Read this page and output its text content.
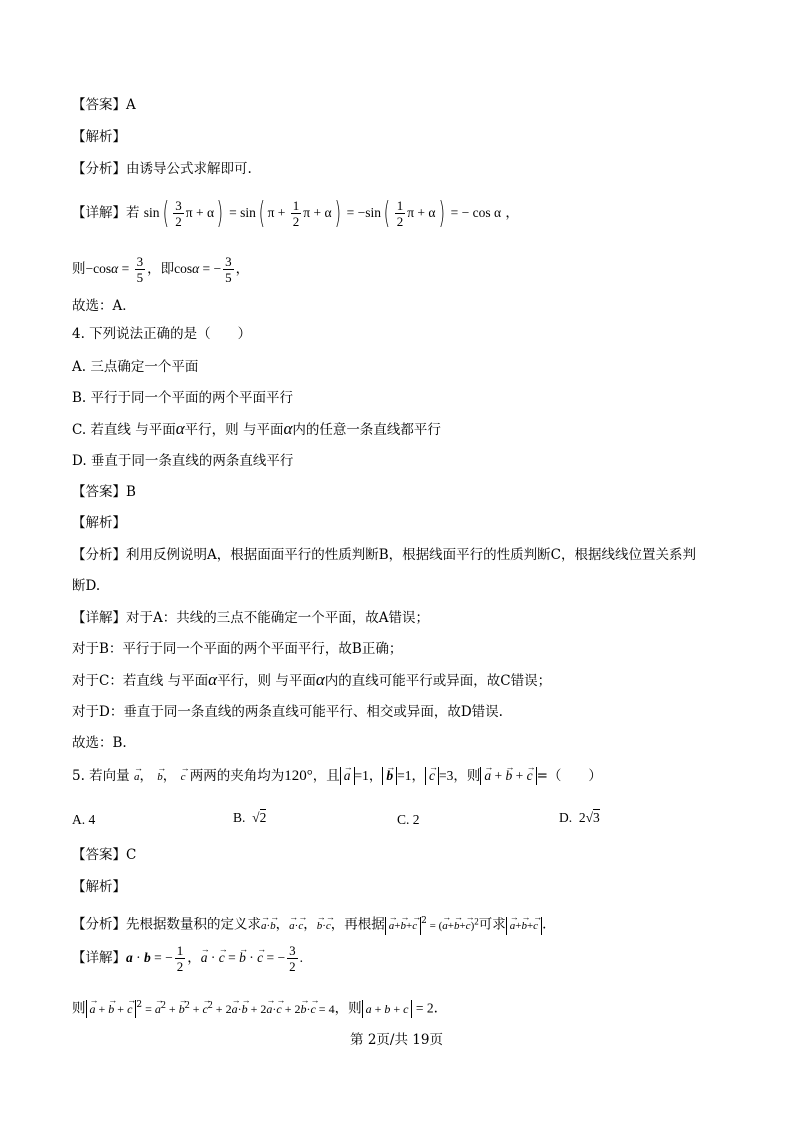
【答案】A
【解析】
【分析】由诱导公式求解即可.
【详解】若 $\sin( \frac{3}{2}$ π + α) = sin( $\pi + \frac{1}{2}$ $\pi + \alpha) = -\sin( \frac{1}{2}$ π + α) = − cos α ，
则$-\cos\alpha = \frac{3}{5}$ ，即cosα = − $\frac{3}{5}$ ，
故选：A．
4. 下列说法正确的是（　　）
A. 三点确定一个平面
B. 平行于同一个平面的两个平面平行
C. 若直线 与平面α平行，则 与平面α内的任意一条直线都平行
D. 垂直于同一条直线的两条直线平行
【答案】B
【解析】
【分析】利用反例说明A，根据面面平行的性质判断B，根据线面平行的性质判断C，根据线线位置关系判
断D.
【详解】对于A：共线的三点不能确定一个平面，故A错误；
对于B：平行于同一个平面的两个平面平行，故B正确；
对于C：若直线 与平面α平行，则 与平面α内的直线可能平行或异面，故C错误；
对于D：垂直于同一条直线的两条直线可能平行、相交或异面，故D错误.
故选：B.
5. 若向量 → a， → b， → c 两两的夹角均为120°，且 → a =1， → b =1， → c =3，则 → a + → b + → c =（　　）
A. 4	B. √2	C. 2	D. 2√3
【答案】C
【解析】
【分析】先根据数量积的定义求→ a·→ b，→ a·→ c，→ b·→ c，再根据 → a+→ b+→ c $^2$ = (→ a+→ b+→ c)$^2$可求 → a+→ b+→ c .
【详解】a · b = − $\frac{1}{2}$ ，→ a · → c = → b · → c = − $\frac{3}{2}$ .
则 → a + → b + → c $^2$ = → $a^2$ + → $b^2$ + → $c^2 + 2\to a\cdot\to b + 2\to a\cdot\to c + 2\to b\cdot\to c = 4$，则 a + b + c = 2.
第 2页/共 19页
